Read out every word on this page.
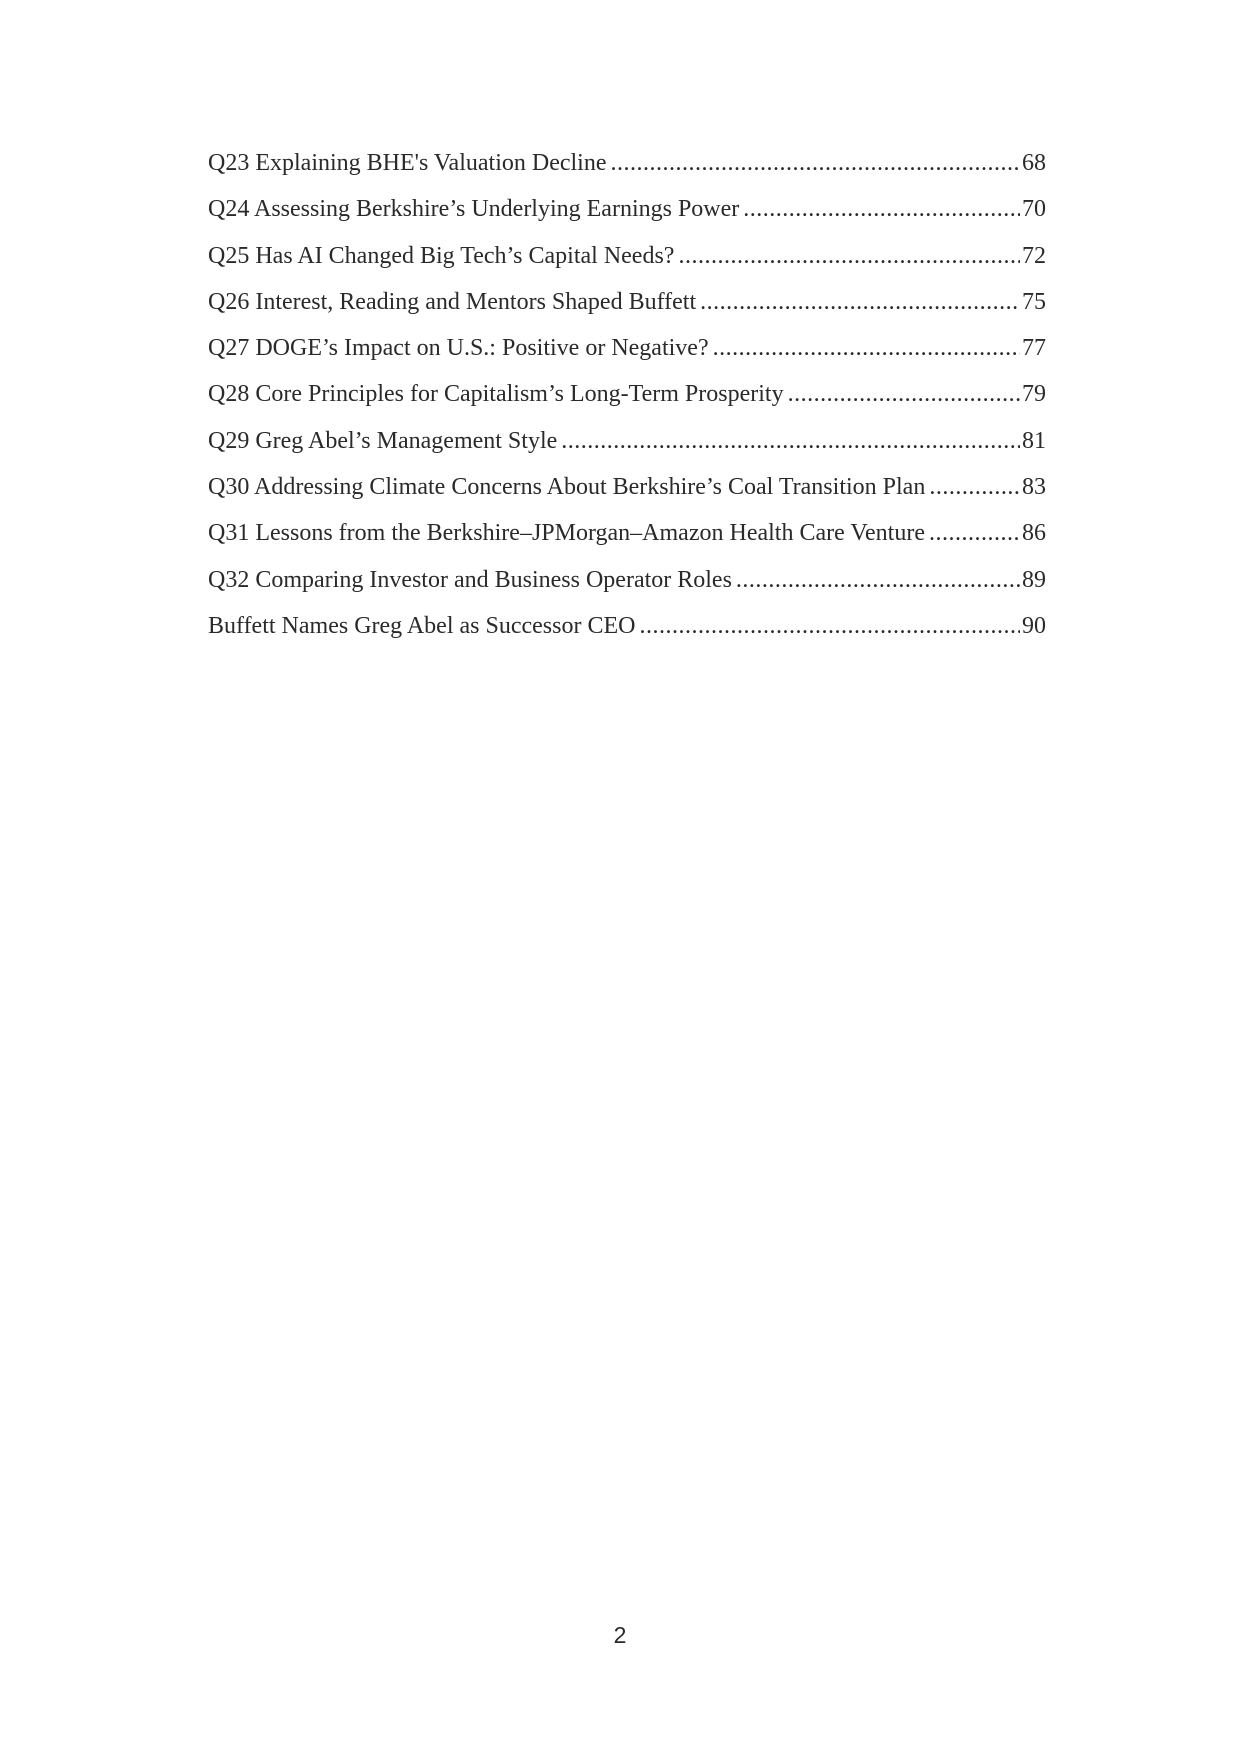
Q23 Explaining BHE's Valuation Decline .....	68
Q24 Assessing Berkshire’s Underlying Earnings Power .....	70
Q25 Has AI Changed Big Tech’s Capital Needs? .....	72
Q26 Interest, Reading and Mentors Shaped Buffett .....	75
Q27 DOGE’s Impact on U.S.: Positive or Negative? .....	77
Q28 Core Principles for Capitalism’s Long-Term Prosperity .....	79
Q29 Greg Abel’s Management Style .....	81
Q30 Addressing Climate Concerns About Berkshire’s Coal Transition Plan .....	83
Q31 Lessons from the Berkshire–JPMorgan–Amazon Health Care Venture .....	86
Q32 Comparing Investor and Business Operator Roles .....	89
Buffett Names Greg Abel as Successor CEO .....	90
2
